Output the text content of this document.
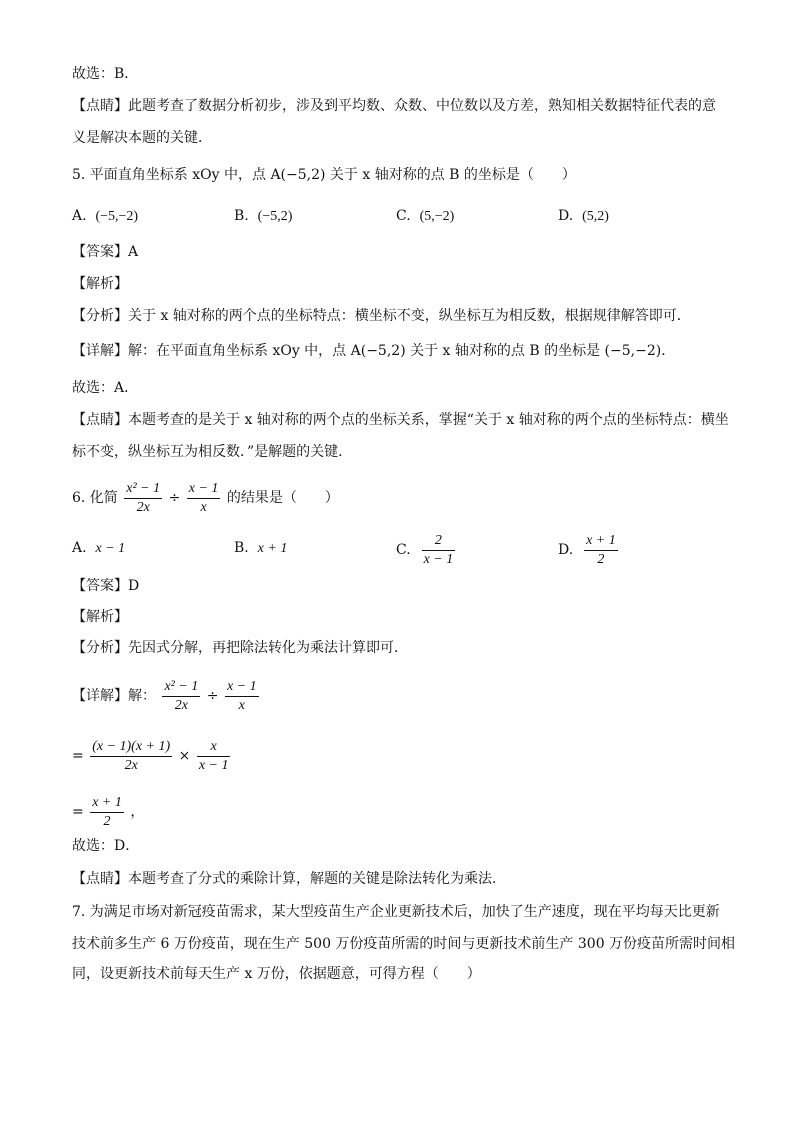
故选：B．
【点睛】此题考查了数据分析初步，涉及到平均数、众数、中位数以及方差，熟知相关数据特征代表的意
义是解决本题的关键．
5. 平面直角坐标系 xOy 中，点 A(−5,2) 关于 x 轴对称的点 B 的坐标是（　　）
A. (−5,−2)	B. (−5,2)	C. (5,−2)	D. (5,2)
【答案】A
【解析】
【分析】关于 x 轴对称的两个点的坐标特点：横坐标不变，纵坐标互为相反数，根据规律解答即可．
【详解】解：在平面直角坐标系 xOy 中，点 A(−5,2) 关于 x 轴对称的点 B 的坐标是 (−5,−2)．
故选：A．
【点睛】本题考查的是关于 x 轴对称的两个点的坐标关系，掌握“关于 x 轴对称的两个点的坐标特点：横坐
标不变，纵坐标互为相反数．”是解题的关键．
6. 化简 $\frac{\text{x² − 1}}{2x} \div \frac{x - 1}{x}$ 的结果是（　　）
A. x − 1	B. x + 1	C. $\frac{2}{x - 1}$	D. $\frac{x + 1}{2}$
【答案】D
【解析】
【分析】先因式分解，再把除法转化为乘法计算即可．
【详解】解： $\frac{\text{x² − 1}}{2x} \div \frac{x - 1}{x}$
= $\frac{(x - 1)(x + 1)}{2x} \times \frac{x}{x - 1}$
= $\frac{x + 1}{2}$ ，
故选：D．
【点睛】本题考查了分式的乘除计算，解题的关键是除法转化为乘法．
7. 为满足市场对新冠疫苗需求，某大型疫苗生产企业更新技术后，加快了生产速度，现在平均每天比更新
技术前多生产 6 万份疫苗，现在生产 500 万份疫苗所需的时间与更新技术前生产 300 万份疫苗所需时间相
同，设更新技术前每天生产 x 万份，依据题意，可得方程（　　）
